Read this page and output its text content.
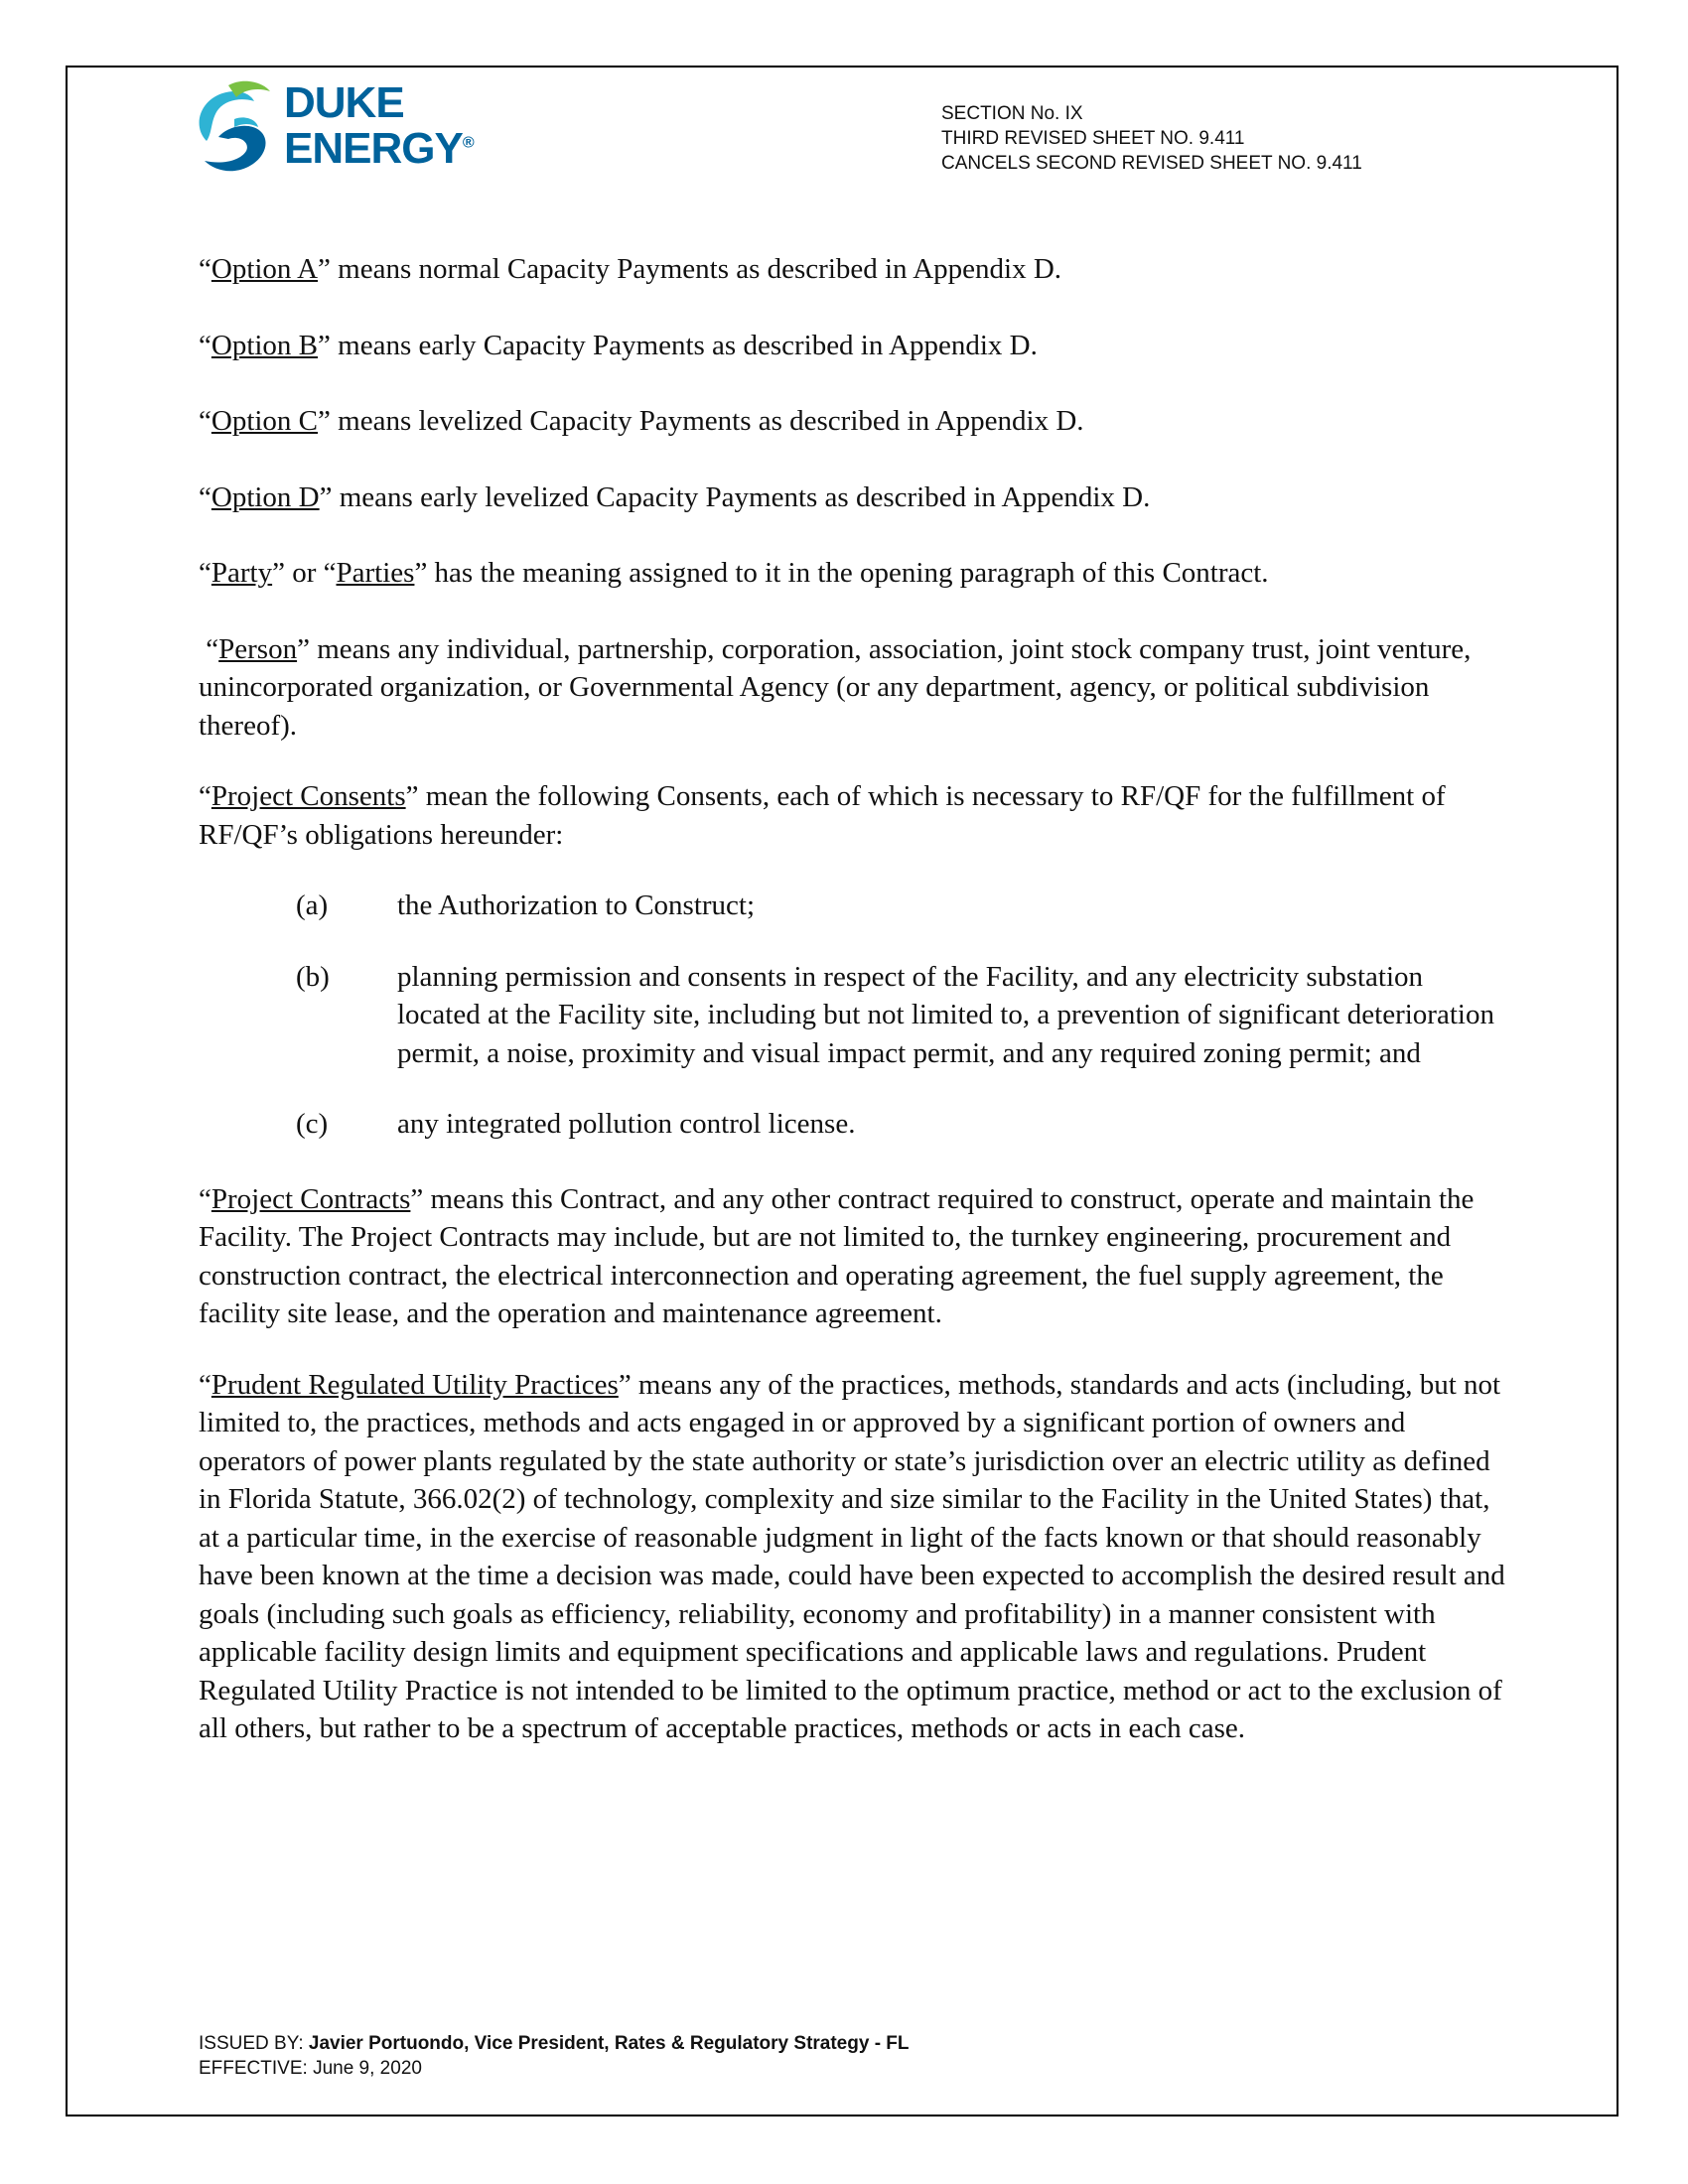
DUKE
ENERGY®
SECTION No. IX
THIRD REVISED SHEET NO. 9.411
CANCELS SECOND REVISED SHEET NO. 9.411

“Option A” means normal Capacity Payments as described in Appendix D.

“Option B” means early Capacity Payments as described in Appendix D.

“Option C” means levelized Capacity Payments as described in Appendix D.

“Option D” means early levelized Capacity Payments as described in Appendix D.

“Party” or “Parties” has the meaning assigned to it in the opening paragraph of this Contract.

“Person” means any individual, partnership, corporation, association, joint stock company trust, joint venture, unincorporated organization, or Governmental Agency (or any department, agency, or political subdivision thereof).

“Project Consents” mean the following Consents, each of which is necessary to RF/QF for the fulfillment of RF/QF’s obligations hereunder:

(a) the Authorization to Construct;
(b) planning permission and consents in respect of the Facility, and any electricity substation located at the Facility site, including but not limited to, a prevention of significant deterioration permit, a noise, proximity and visual impact permit, and any required zoning permit; and
(c) any integrated pollution control license.

“Project Contracts” means this Contract, and any other contract required to construct, operate and maintain the Facility. The Project Contracts may include, but are not limited to, the turnkey engineering, procurement and construction contract, the electrical interconnection and operating agreement, the fuel supply agreement, the facility site lease, and the operation and maintenance agreement.

“Prudent Regulated Utility Practices” means any of the practices, methods, standards and acts (including, but not limited to, the practices, methods and acts engaged in or approved by a significant portion of owners and operators of power plants regulated by the state authority or state’s jurisdiction over an electric utility as defined in Florida Statute, 366.02(2) of technology, complexity and size similar to the Facility in the United States) that, at a particular time, in the exercise of reasonable judgment in light of the facts known or that should reasonably have been known at the time a decision was made, could have been expected to accomplish the desired result and goals (including such goals as efficiency, reliability, economy and profitability) in a manner consistent with applicable facility design limits and equipment specifications and applicable laws and regulations. Prudent Regulated Utility Practice is not intended to be limited to the optimum practice, method or act to the exclusion of all others, but rather to be a spectrum of acceptable practices, methods or acts in each case.

ISSUED BY: Javier Portuondo, Vice President, Rates & Regulatory Strategy - FL
EFFECTIVE: June 9, 2020
